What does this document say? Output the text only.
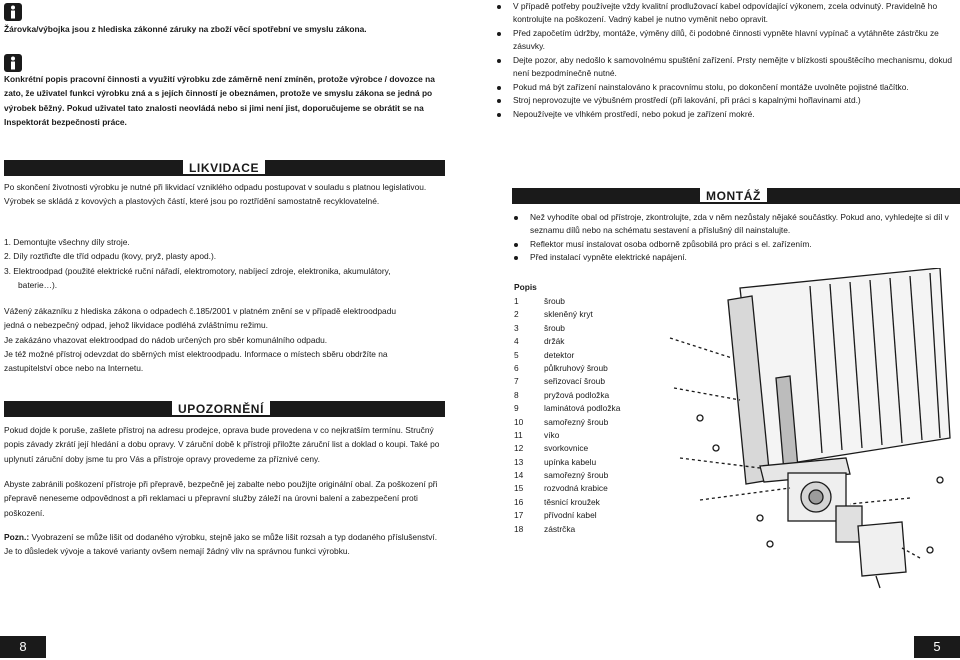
Žárovka/výbojka jsou z hlediska zákonné záruky na zboží věcí spotřební ve smyslu zákona.

Konkrétní popis pracovní činnosti a využití výrobku zde záměrně není zmíněn, protože výrobce / dovozce na zato, že uživatel funkci výrobku zná a s jejích činností je obeznámen, protože ve smyslu zákona se jedná po výrobek běžný. Pokud uživatel tato znalosti neovládá nebo si jimi není jist, doporučujeme se obrátit se na Inspektorát bezpečnosti práce.

LIKVIDACE

Po skončení životnosti výrobku je nutné při likvidací vzniklého odpadu postupovat v souladu s platnou legislativou. Výrobek se skládá z kovových a plastových částí, které jsou po roztřídění samostatně recyklovatelné.

1. Demontujte všechny díly stroje.
2. Díly roztřiďte dle tříd odpadu (kovy, pryž, plasty apod.).
3. Elektroodpad (použité elektrické ruční nářadí, elektromotory, nabíjecí zdroje, elektronika, akumulátory,
baterie…).
Vážený zákazníku z hlediska zákona o odpadech č.185/2001 v platném znění se v případě elektroodpadu
jedná o nebezpečný odpad, jehož likvidace podléhá zvláštnímu režimu.
Je zakázáno vhazovat elektroodpad do nádob určených pro sběr komunálního odpadu.
Je též možné přístroj odevzdat do sběrných míst elektroodpadu. Informace o místech sběru obdržíte na
zastupitelství obce nebo na Internetu.
UPOZORNĚNÍ

Pokud dojde k poruše, zašlete přístroj na adresu prodejce, oprava bude provedena v co nejkratším termínu. Stručný popis závady zkrátí její hledání a dobu opravy. V záruční době k přístroji přiložte záruční list a doklad o koupi. Také po uplynutí záruční doby jsme tu pro Vás a přístroje opravy provedeme za příznivé ceny.

Abyste zabránili poškození přístroje při přepravě, bezpečně jej zabalte nebo použijte originální obal. Za poškození při přepravě neneseme odpovědnost a při reklamaci u přepravní služby záleží na úrovni balení a zabezpečení proti poškození.

Pozn.: Vyobrazení se může lišit od dodaného výrobku, stejně jako se může lišit rozsah a typ dodaného příslušenství. Je to důsledek vývoje a takové varianty ovšem nemají žádný vliv na správnou funkci výrobku.

8
V případě potřeby používejte vždy kvalitní prodlužovací kabel odpovídající výkonem, zcela odvinutý. Pravidelně ho kontrolujte na poškození. Vadný kabel je nutno vyměnit nebo opravit.
Před započetím údržby, montáže, výměny dílů, či podobné činnosti vypněte hlavní vypínač a vytáhněte zástrčku ze zásuvky.
Dejte pozor, aby nedošlo k samovolnému spuštění zařízení. Prsty nemějte v blízkosti spouštěcího mechanismu, dokud není bezpodmínečně nutné.
Pokud má být zařízení nainstalováno k pracovnímu stolu, po dokončení montáže uvolněte pojistné tlačítko.
Stroj neprovozujte ve výbušném prostředí (při lakování, při práci s kapalnými hořlavinami atd.)
Nepoužívejte ve vlhkém prostředí, nebo pokud je zařízení mokré.
MONTÁŽ
Než vyhodíte obal od přístroje, zkontrolujte, zda v něm nezůstaly nějaké součástky. Pokud ano, vyhledejte si díl v seznamu dílů nebo na schématu sestavení a příslušný díl nainstalujte.
Reflektor musí instalovat osoba odborně způsobilá pro práci s el. zařízením.
Před instalací vypněte elektrické napájení.
Popis
1	šroub
2	skleněný kryt
3	šroub
4	držák
5	detektor
6	půlkruhový šroub
7	seřizovací šroub
8	pryžová podložka
9	laminátová podložka
10	samořezný šroub
11	víko
12	svorkovnice
13	upínka kabelu
14	samořezný šroub
15	rozvodná krabice
16	těsnicí kroužek
17	přívodní kabel
18	zástrčka
5
